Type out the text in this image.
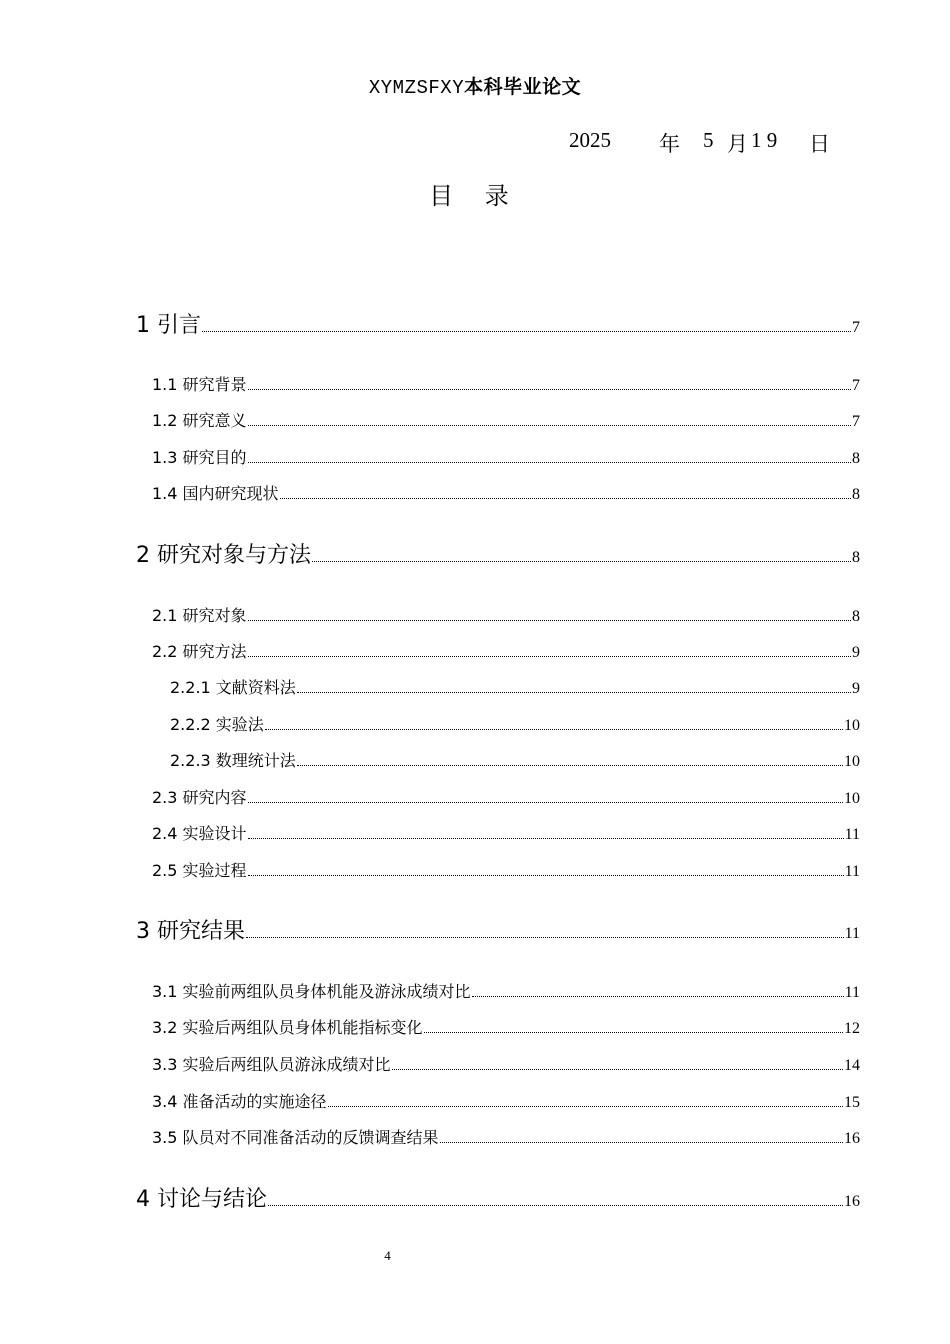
XYMZSFXY本科毕业论文
2025 年 5 月 1 9 日
目 录
1 引言	7
1.1 研究背景	7
1.2 研究意义	7
1.3 研究目的	8
1.4 国内研究现状	8
2 研究对象与方法	8
2.1 研究对象	8
2.2 研究方法	9
2.2.1 文献资料法	9
2.2.2 实验法	10
2.2.3 数理统计法	10
2.3 研究内容	10
2.4 实验设计	11
2.5 实验过程	11
3 研究结果	11
3.1 实验前两组队员身体机能及游泳成绩对比	11
3.2 实验后两组队员身体机能指标变化	12
3.3 实验后两组队员游泳成绩对比	14
3.4 准备活动的实施途径	15
3.5 队员对不同准备活动的反馈调查结果	16
4 讨论与结论	16
4
